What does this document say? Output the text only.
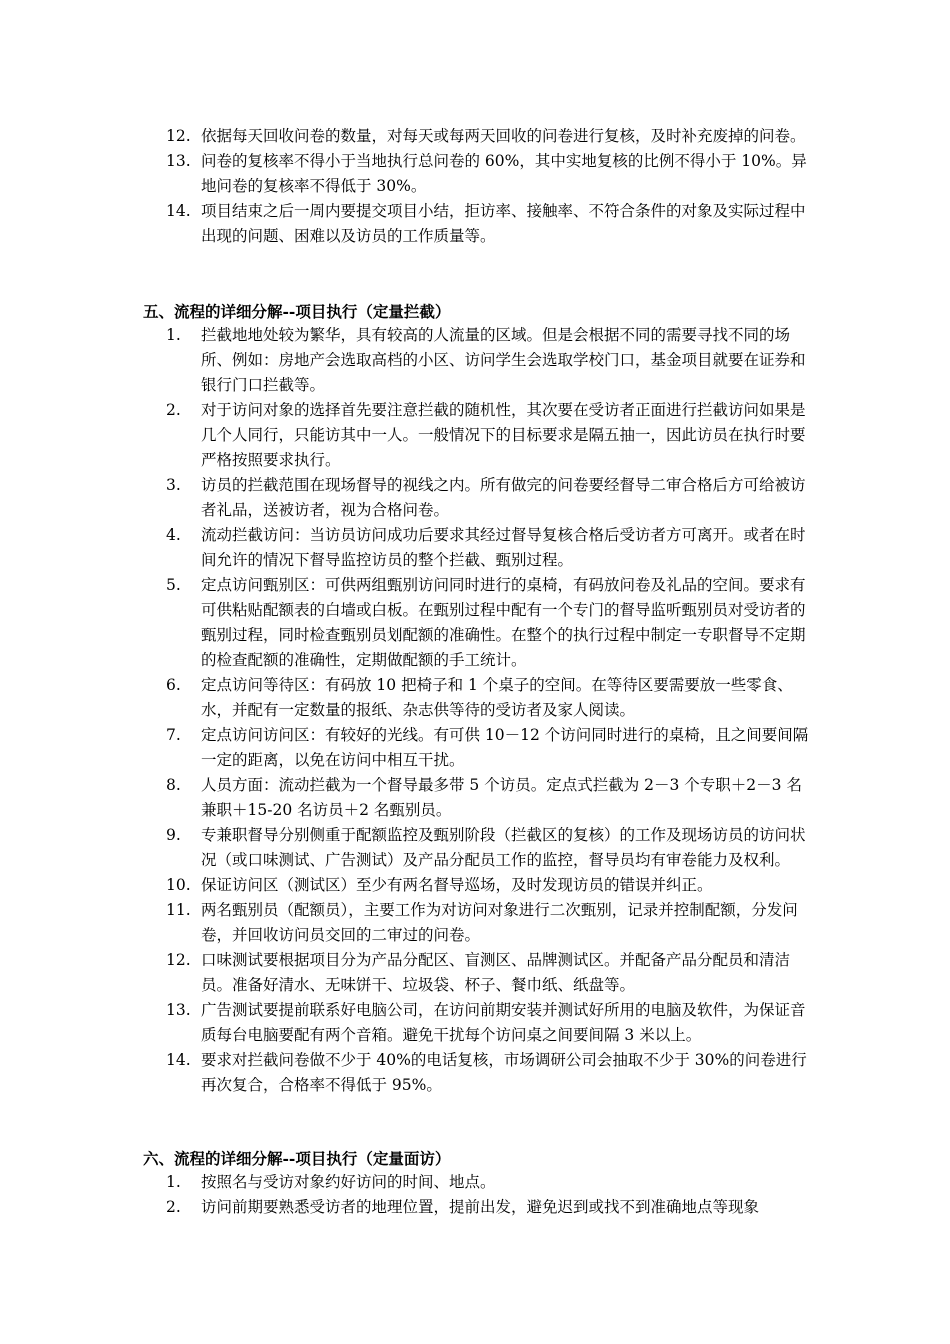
12. 依据每天回收问卷的数量，对每天或每两天回收的问卷进行复核，及时补充废掉的问卷。
13. 问卷的复核率不得小于当地执行总问卷的 60%，其中实地复核的比例不得小于 10%。异地问卷的复核率不得低于 30%。
14. 项目结束之后一周内要提交项目小结，拒访率、接触率、不符合条件的对象及实际过程中出现的问题、困难以及访员的工作质量等。
五、流程的详细分解--项目执行（定量拦截）
1.	拦截地地处较为繁华，具有较高的人流量的区域。但是会根据不同的需要寻找不同的场所、例如：房地产会选取高档的小区、访问学生会选取学校门口，基金项目就要在证券和银行门口拦截等。
2.	对于访问对象的选择首先要注意拦截的随机性，其次要在受访者正面进行拦截访问如果是几个人同行，只能访其中一人。一般情况下的目标要求是隔五抽一，因此访员在执行时要严格按照要求执行。
3.	访员的拦截范围在现场督导的视线之内。所有做完的问卷要经督导二审合格后方可给被访者礼品，送被访者，视为合格问卷。
4.	流动拦截访问：当访员访问成功后要求其经过督导复核合格后受访者方可离开。或者在时间允许的情况下督导监控访员的整个拦截、甄别过程。
5.	定点访问甄别区：可供两组甄别访问同时进行的桌椅，有码放问卷及礼品的空间。要求有可供粘贴配额表的白墙或白板。在甄别过程中配有一个专门的督导监听甄别员对受访者的甄别过程，同时检查甄别员划配额的准确性。在整个的执行过程中制定一专职督导不定期的检查配额的准确性，定期做配额的手工统计。
6.	定点访问等待区：有码放 10 把椅子和 1 个桌子的空间。在等待区要需要放一些零食、水，并配有一定数量的报纸、杂志供等待的受访者及家人阅读。
7.	定点访问访问区：有较好的光线。有可供 10－12 个访问同时进行的桌椅，且之间要间隔一定的距离，以免在访问中相互干扰。
8.	人员方面：流动拦截为一个督导最多带 5 个访员。定点式拦截为 2－3 个专职＋2－3 名兼职＋15-20 名访员＋2 名甄别员。
9.	专兼职督导分别侧重于配额监控及甄别阶段（拦截区的复核）的工作及现场访员的访问状况（或口味测试、广告测试）及产品分配员工作的监控，督导员均有审卷能力及权利。
10. 保证访问区（测试区）至少有两名督导巡场，及时发现访员的错误并纠正。
11. 两名甄别员（配额员），主要工作为对访问对象进行二次甄别，记录并控制配额，分发问卷，并回收访问员交回的二审过的问卷。
12. 口味测试要根据项目分为产品分配区、盲测区、品牌测试区。并配备产品分配员和清洁员。准备好清水、无味饼干、垃圾袋、杯子、餐巾纸、纸盘等。
13. 广告测试要提前联系好电脑公司，在访问前期安装并测试好所用的电脑及软件，为保证音质每台电脑要配有两个音箱。避免干扰每个访问桌之间要间隔 3 米以上。
14. 要求对拦截问卷做不少于 40%的电话复核，市场调研公司会抽取不少于 30%的问卷进行再次复合，合格率不得低于 95%。
六、流程的详细分解--项目执行（定量面访）
1.	按照名与受访对象约好访问的时间、地点。
2.	访问前期要熟悉受访者的地理位置，提前出发，避免迟到或找不到准确地点等现象
